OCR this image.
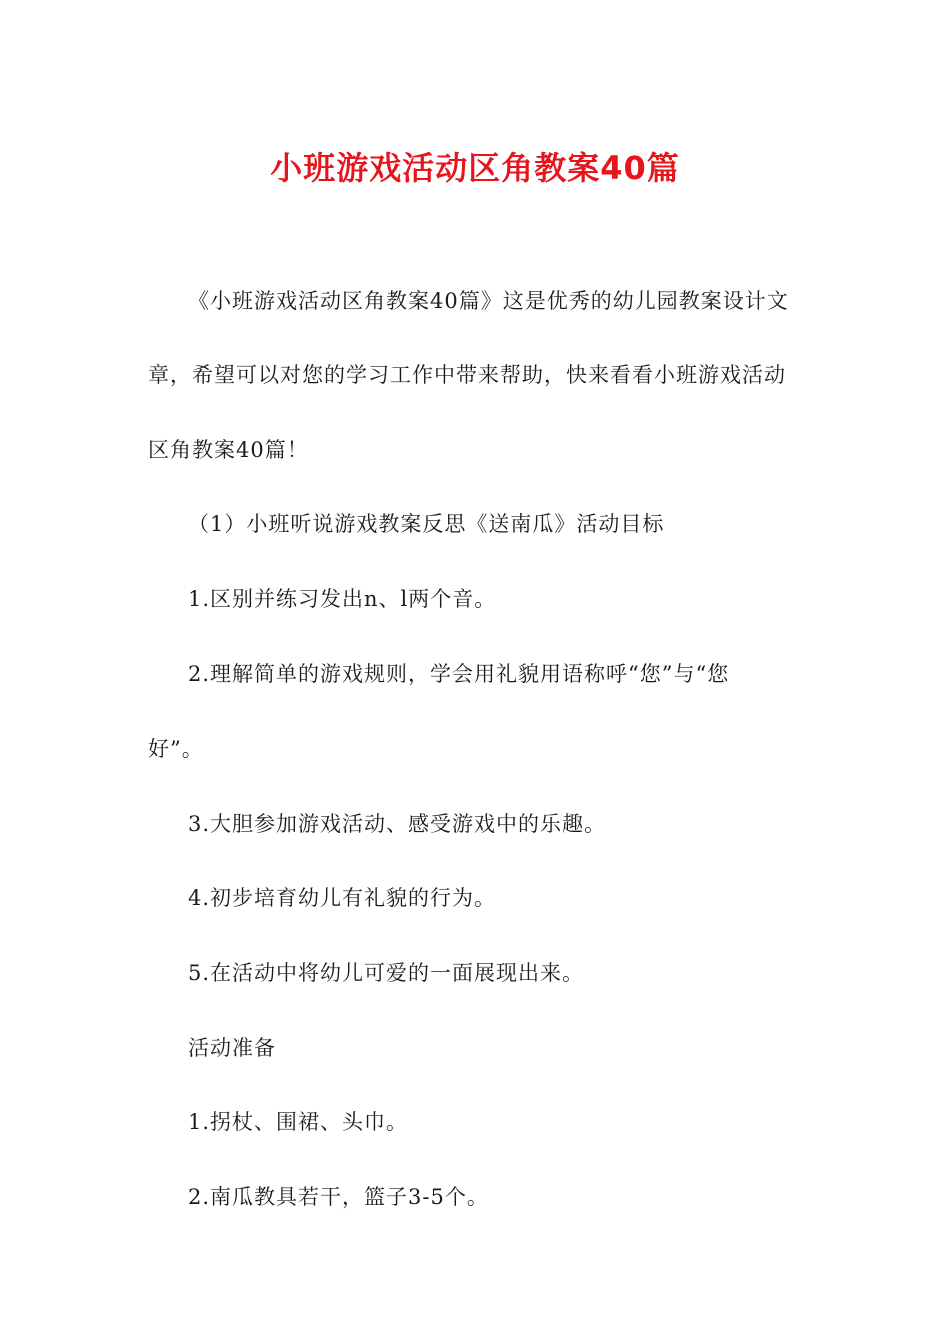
小班游戏活动区角教案40篇
《小班游戏活动区角教案40篇》这是优秀的幼儿园教案设计文
章，希望可以对您的学习工作中带来帮助，快来看看小班游戏活动
区角教案40篇！
（1）小班听说游戏教案反思《送南瓜》活动目标
1.区别并练习发出n、l两个音。
2.理解简单的游戏规则，学会用礼貌用语称呼“您”与“您
好”。
3.大胆参加游戏活动、感受游戏中的乐趣。
4.初步培育幼儿有礼貌的行为。
5.在活动中将幼儿可爱的一面展现出来。
活动准备
1.拐杖、围裙、头巾。
2.南瓜教具若干，篮子3-5个。
